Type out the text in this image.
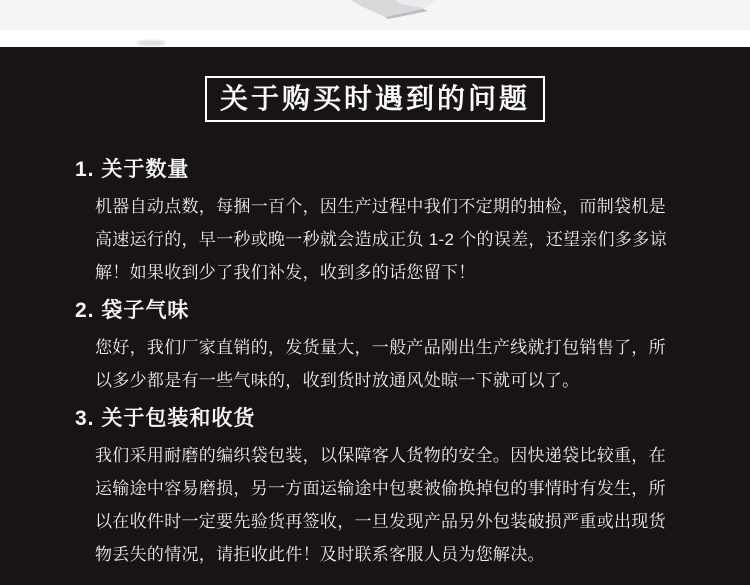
关于购买时遇到的问题
1. 关于数量
机器自动点数，每捆一百个，因生产过程中我们不定期的抽检，而制袋机是
高速运行的，早一秒或晚一秒就会造成正负 1-2 个的误差，还望亲们多多谅
解！如果收到少了我们补发，收到多的话您留下！
2. 袋子气味
您好，我们厂家直销的，发货量大，一般产品刚出生产线就打包销售了，所
以多少都是有一些气味的，收到货时放通风处晾一下就可以了。
3. 关于包装和收货
我们采用耐磨的编织袋包装，以保障客人货物的安全。因快递袋比较重，在
运输途中容易磨损，另一方面运输途中包裹被偷换掉包的事情时有发生，所
以在收件时一定要先验货再签收，一旦发现产品另外包装破损严重或出现货
物丢失的情况，请拒收此件！及时联系客服人员为您解决。
